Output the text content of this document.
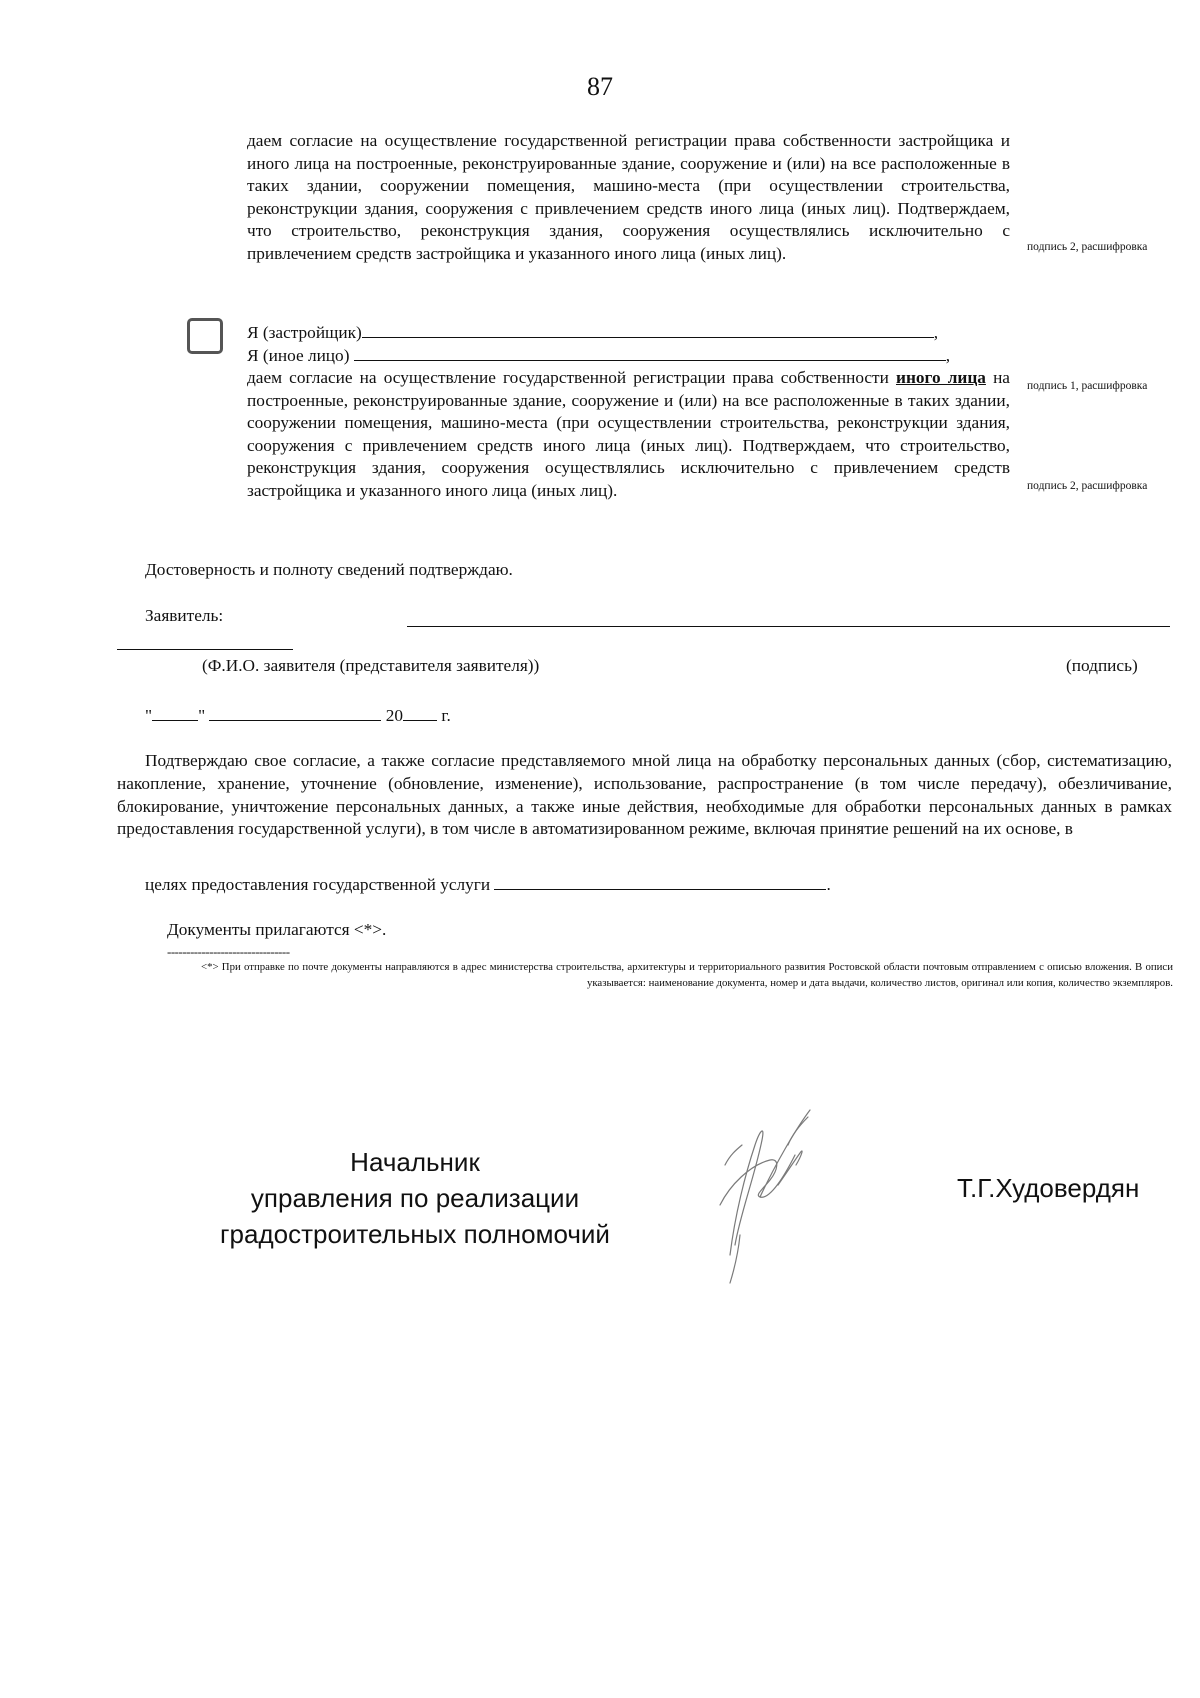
87
даем согласие на осуществление государственной регистрации права собственности застройщика и иного лица на построенные, реконструированные здание, сооружение и (или) на все расположенные в таких здании, сооружении помещения, машино-места (при осуществлении строительства, реконструкции здания, сооружения с привлечением средств иного лица (иных лиц). Подтверждаем, что строительство, реконструкция здания, сооружения осуществлялись исключительно с привлечением средств застройщика и указанного иного лица (иных лиц).	подпись 2, расшифровка
Я (застройщик)	,
Я (иное лицо)	,
даем согласие на осуществление государственной регистрации права собственности иного лица на построенные, реконструированные здание, сооружение и (или) на все расположенные в таких здании, сооружении помещения, машино-места (при осуществлении строительства, реконструкции здания, сооружения с привлечением средств иного лица (иных лиц). Подтверждаем, что строительство, реконструкция здания, сооружения осуществлялись исключительно с привлечением средств застройщика и указанного иного лица (иных лиц).
подпись 1, расшифровка
подпись 2, расшифровка
Достоверность и полноту сведений подтверждаю.
Заявитель:
(Ф.И.О. заявителя (представителя заявителя))	(подпись)
"	"	20 г.
Подтверждаю свое согласие, а также согласие представляемого мной лица на обработку персональных данных (сбор, систематизацию, накопление, хранение, уточнение (обновление, изменение), использование, распространение (в том числе передачу), обезличивание, блокирование, уничтожение персональных данных, а также иные действия, необходимые для обработки персональных данных в рамках предоставления государственной услуги), в том числе в автоматизированном режиме, включая принятие решений на их основе, в
целях предоставления государственной услуги	.
Документы прилагаются <*>.
--------------------------------
<*> При отправке по почте документы направляются в адрес министерства строительства, архитектуры и территориального развития Ростовской области почтовым отправлением с описью вложения. В описи указывается: наименование документа, номер и дата выдачи, количество листов, оригинал или копия, количество экземпляров.
Начальник
управления по реализации
градостроительных полномочий
Т.Г.Худовердян
